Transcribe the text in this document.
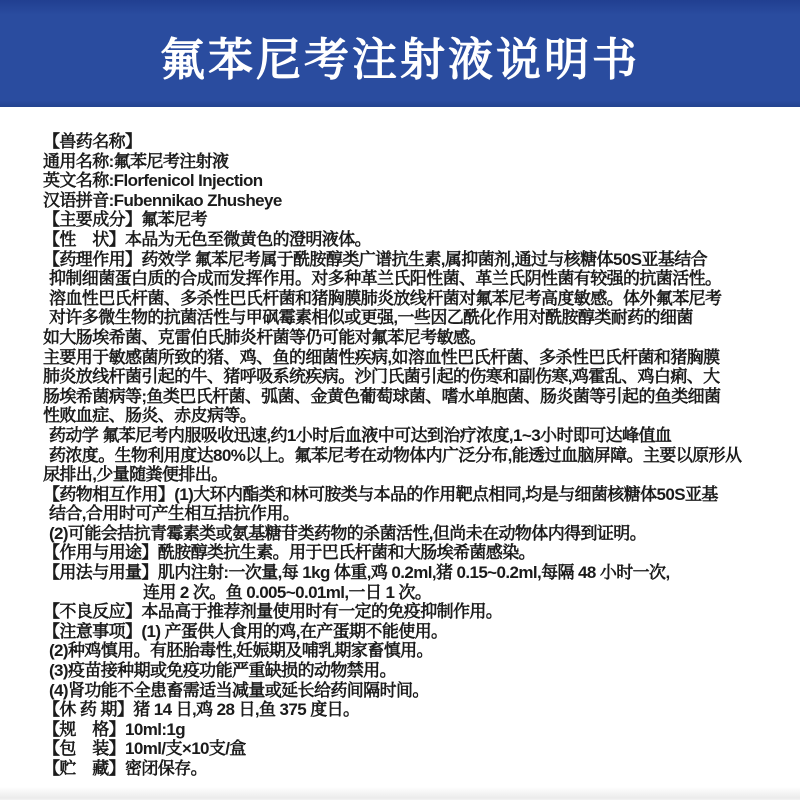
氟苯尼考注射液说明书
【兽药名称】
通用名称:氟苯尼考注射液
英文名称:Florfenicol Injection
汉语拼音:Fubennikao Zhusheye
【主要成分】氟苯尼考
【性　状】本品为无色至微黄色的澄明液体。
【药理作用】药效学 氟苯尼考属于酰胺醇类广谱抗生素,属抑菌剂,通过与核糖体50S亚基结合
抑制细菌蛋白质的合成而发挥作用。对多种革兰氏阳性菌、革兰氏阴性菌有较强的抗菌活性。
溶血性巴氏杆菌、多杀性巴氏杆菌和猪胸膜肺炎放线杆菌对氟苯尼考高度敏感。体外氟苯尼考
对许多微生物的抗菌活性与甲砜霉素相似或更强,一些因乙酰化作用对酰胺醇类耐药的细菌
如大肠埃希菌、克雷伯氏肺炎杆菌等仍可能对氟苯尼考敏感。
主要用于敏感菌所致的猪、鸡、鱼的细菌性疾病,如溶血性巴氏杆菌、多杀性巴氏杆菌和猪胸膜
肺炎放线杆菌引起的牛、猪呼吸系统疾病。沙门氏菌引起的伤寒和副伤寒,鸡霍乱、鸡白痢、大
肠埃希菌病等;鱼类巴氏杆菌、弧菌、金黄色葡萄球菌、嗜水单胞菌、肠炎菌等引起的鱼类细菌
性败血症、肠炎、赤皮病等。
药动学 氟苯尼考内服吸收迅速,约1小时后血液中可达到治疗浓度,1~3小时即可达峰值血
药浓度。生物利用度达80%以上。氟苯尼考在动物体内广泛分布,能透过血脑屏障。主要以原形从
尿排出,少量随粪便排出。
【药物相互作用】(1)大环内酯类和林可胺类与本品的作用靶点相同,均是与细菌核糖体50S亚基
结合,合用时可产生相互拮抗作用。
(2)可能会拮抗青霉素类或氨基糖苷类药物的杀菌活性,但尚未在动物体内得到证明。
【作用与用途】酰胺醇类抗生素。用于巴氏杆菌和大肠埃希菌感染。
【用法与用量】肌内注射:一次量,每 1kg 体重,鸡 0.2ml,猪 0.15~0.2ml,每隔 48 小时一次,
连用 2 次。鱼 0.005~0.01ml,一日 1 次。
【不良反应】本品高于推荐剂量使用时有一定的免疫抑制作用。
【注意事项】(1) 产蛋供人食用的鸡,在产蛋期不能使用。
(2)种鸡慎用。有胚胎毒性,妊娠期及哺乳期家畜慎用。
(3)疫苗接种期或免疫功能严重缺损的动物禁用。
(4)肾功能不全患畜需适当减量或延长给药间隔时间。
【休 药 期】猪 14 日,鸡 28 日,鱼 375 度日。
【规　格】10ml:1g
【包　装】10ml/支×10支/盒
【贮　藏】密闭保存。
